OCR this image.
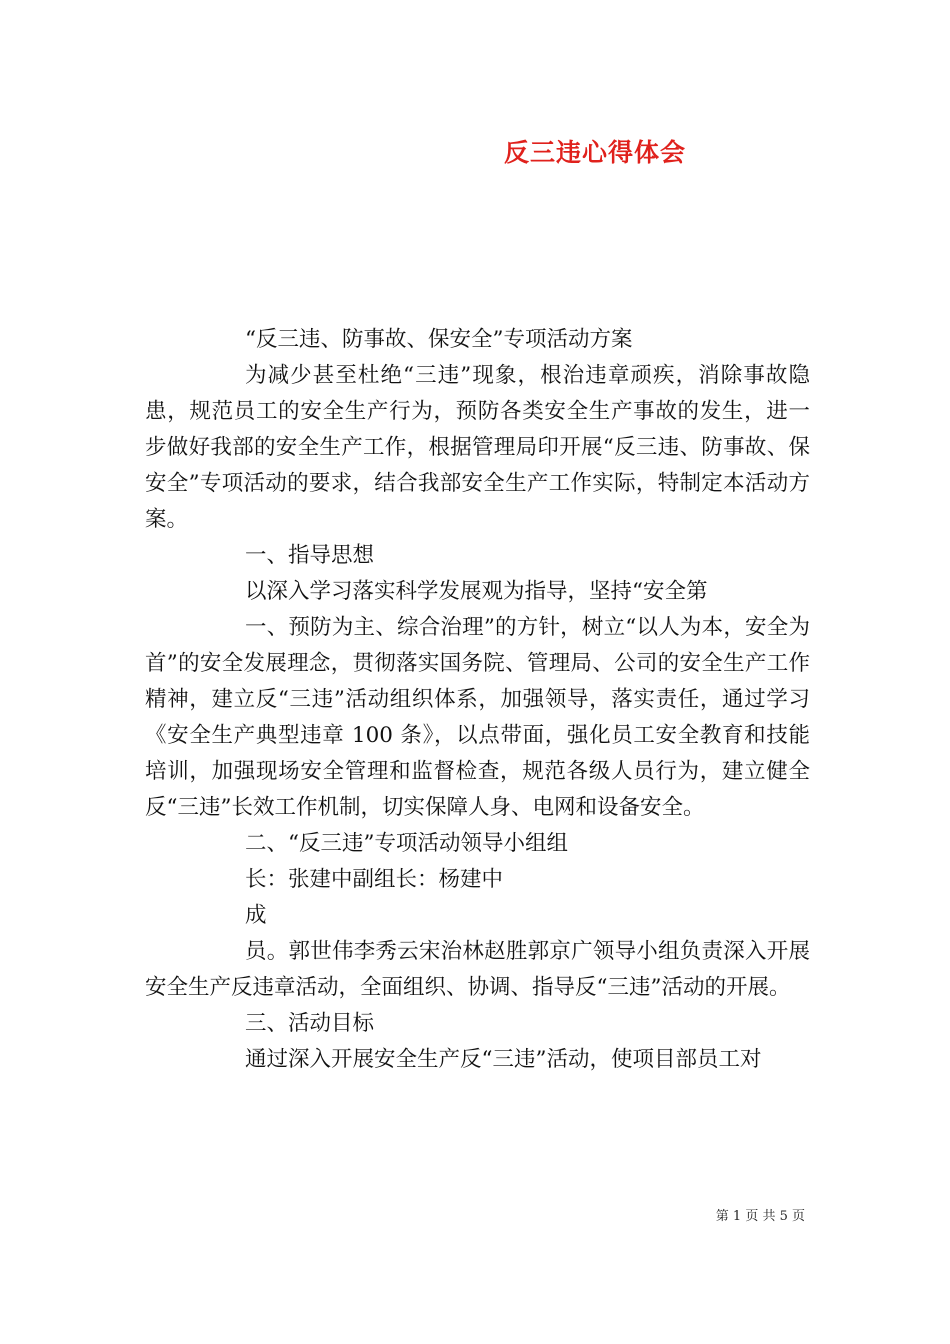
反三违心得体会

“反三违、防事故、保安全”专项活动方案

为减少甚至杜绝“三违”现象，根治违章顽疾，消除事故隐患，规范员工的安全生产行为，预防各类安全生产事故的发生，进一步做好我部的安全生产工作，根据管理局印开展“反三违、防事故、保安全”专项活动的要求，结合我部安全生产工作实际，特制定本活动方案。

一、指导思想

以深入学习落实科学发展观为指导，坚持“安全第

一、预防为主、综合治理”的方针，树立“以人为本，安全为首”的安全发展理念，贯彻落实国务院、管理局、公司的安全生产工作精神，建立反“三违”活动组织体系，加强领导，落实责任，通过学习《安全生产典型违章 100 条》，以点带面，强化员工安全教育和技能培训，加强现场安全管理和监督检查，规范各级人员行为，建立健全反“三违”长效工作机制，切实保障人身、电网和设备安全。

二、“反三违”专项活动领导小组组

长：张建中副组长：杨建中

成

员。郭世伟李秀云宋治林赵胜郭京广领导小组负责深入开展安全生产反违章活动，全面组织、协调、指导反“三违”活动的开展。

三、活动目标

通过深入开展安全生产反“三违”活动，使项目部员工对

第 1 页 共 5 页
